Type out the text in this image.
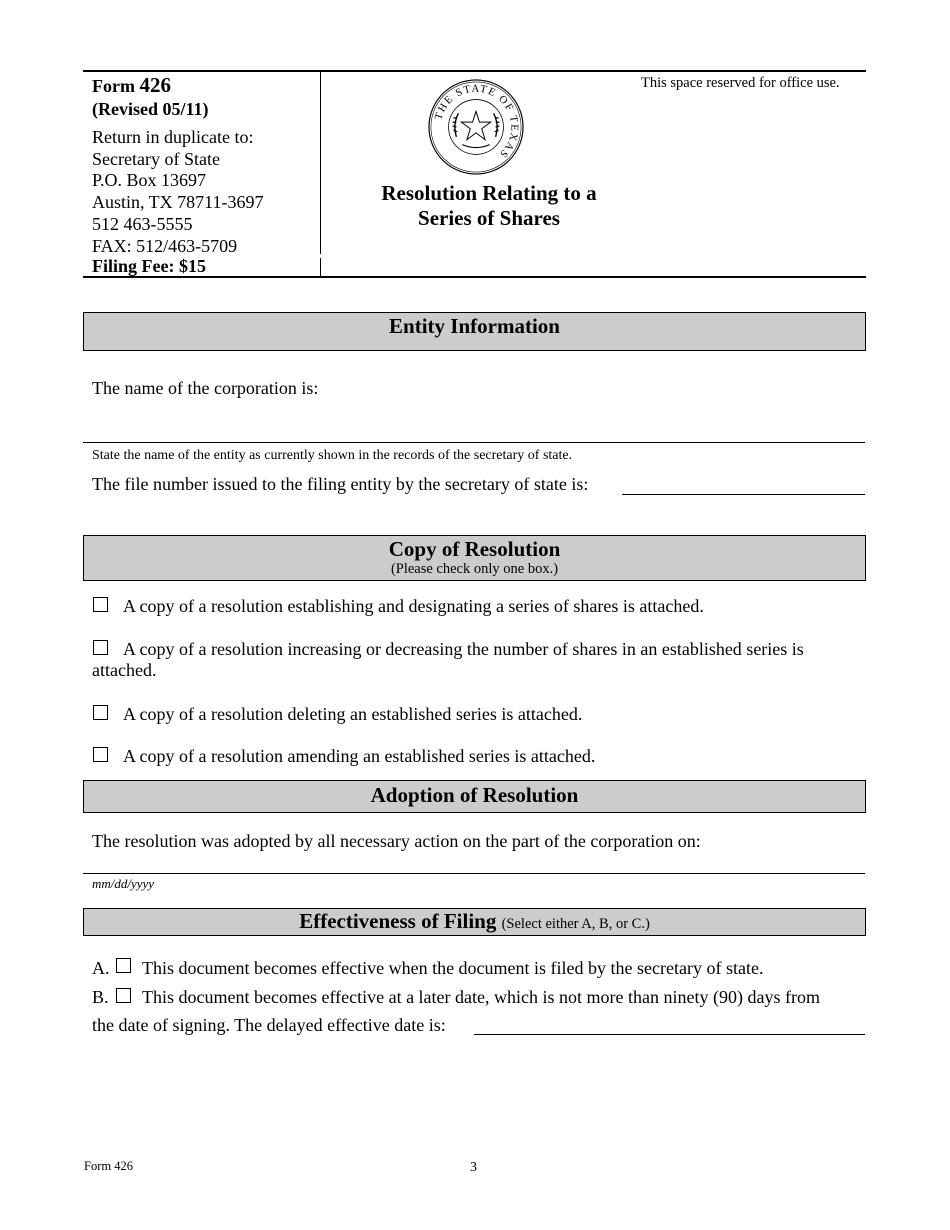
Form 426
(Revised 05/11)
Return in duplicate to:
Secretary of State
P.O. Box 13697
Austin, TX 78711-3697
512 463-5555
FAX: 512/463-5709
Filing Fee: $15
THE STATE OF TEXAS
Resolution Relating to a
Series of Shares
This space reserved for office use.
Entity Information
The name of the corporation is:
State the name of the entity as currently shown in the records of the secretary of state.
The file number issued to the filing entity by the secretary of state is:
Copy of Resolution
(Please check only one box.)
A copy of a resolution establishing and designating a series of shares is attached.
A copy of a resolution increasing or decreasing the number of shares in an established series is
attached.
A copy of a resolution deleting an established series is attached.
A copy of a resolution amending an established series is attached.
Adoption of Resolution
The resolution was adopted by all necessary action on the part of the corporation on:
mm/dd/yyyy
Effectiveness of Filing (Select either A, B, or C.)
A. This document becomes effective when the document is filed by the secretary of state.
B. This document becomes effective at a later date, which is not more than ninety (90) days from
the date of signing. The delayed effective date is:
Form 426	3
